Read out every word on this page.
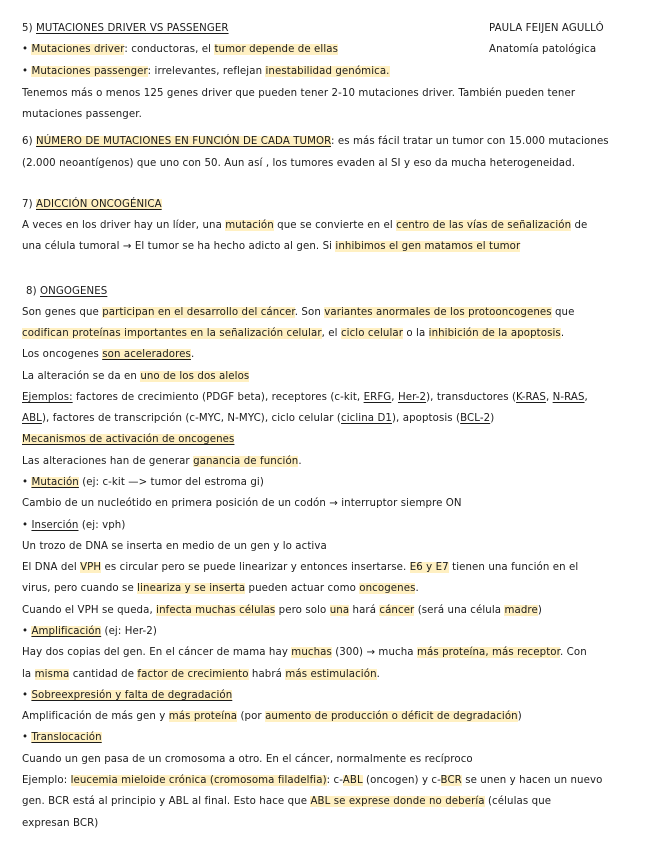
PAULA FEIJEN AGULLÓ
Anatomía patológica
5) MUTACIONES DRIVER VS PASSENGER
• Mutaciones driver: conductoras, el tumor depende de ellas
• Mutaciones passenger: irrelevantes, reflejan inestabilidad genómica.
Tenemos más o menos 125 genes driver que pueden tener 2-10 mutaciones driver. También pueden tener
mutaciones passenger.
6) NÚMERO DE MUTACIONES EN FUNCIÓN DE CADA TUMOR: es más fácil tratar un tumor con 15.000 mutaciones
(2.000 neoantígenos) que uno con 50. Aun así , los tumores evaden al SI y eso da mucha heterogeneidad.
7) ADICCIÓN ONCOGÉNICA
A veces en los driver hay un líder, una mutación que se convierte en el centro de las vías de señalización de
una célula tumoral → El tumor se ha hecho adicto al gen. Si inhibimos el gen matamos el tumor
8) ONGOGENES
Son genes que participan en el desarrollo del cáncer. Son variantes anormales de los protooncogenes que
codifican proteínas importantes en la señalización celular, el ciclo celular o la inhibición de la apoptosis.
Los oncogenes son aceleradores.
La alteración se da en uno de los dos alelos
Ejemplos: factores de crecimiento (PDGF beta), receptores (c-kit, ERFG, Her-2), transductores (K-RAS, N-RAS,
ABL), factores de transcripción (c-MYC, N-MYC), ciclo celular (ciclina D1), apoptosis (BCL-2)
Mecanismos de activación de oncogenes
Las alteraciones han de generar ganancia de función.
• Mutación (ej: c-kit —> tumor del estroma gi)
Cambio de un nucleótido en primera posición de un codón → interruptor siempre ON
• Inserción (ej: vph)
Un trozo de DNA se inserta en medio de un gen y lo activa
El DNA del VPH es circular pero se puede linearizar y entonces insertarse. E6 y E7 tienen una función en el
virus, pero cuando se lineariza y se inserta pueden actuar como oncogenes.
Cuando el VPH se queda, infecta muchas células pero solo una hará cáncer (será una célula madre)
• Amplificación (ej: Her-2)
Hay dos copias del gen. En el cáncer de mama hay muchas (300) → mucha más proteína, más receptor. Con
la misma cantidad de factor de crecimiento habrá más estimulación.
• Sobreexpresión y falta de degradación
Amplificación de más gen y más proteína (por aumento de producción o déficit de degradación)
• Translocación
Cuando un gen pasa de un cromosoma a otro. En el cáncer, normalmente es recíproco
Ejemplo: leucemia mieloide crónica (cromosoma filadelfia): c-ABL (oncogen) y c-BCR se unen y hacen un nuevo
gen. BCR está al principio y ABL al final. Esto hace que ABL se exprese donde no debería (células que
expresan BCR)
